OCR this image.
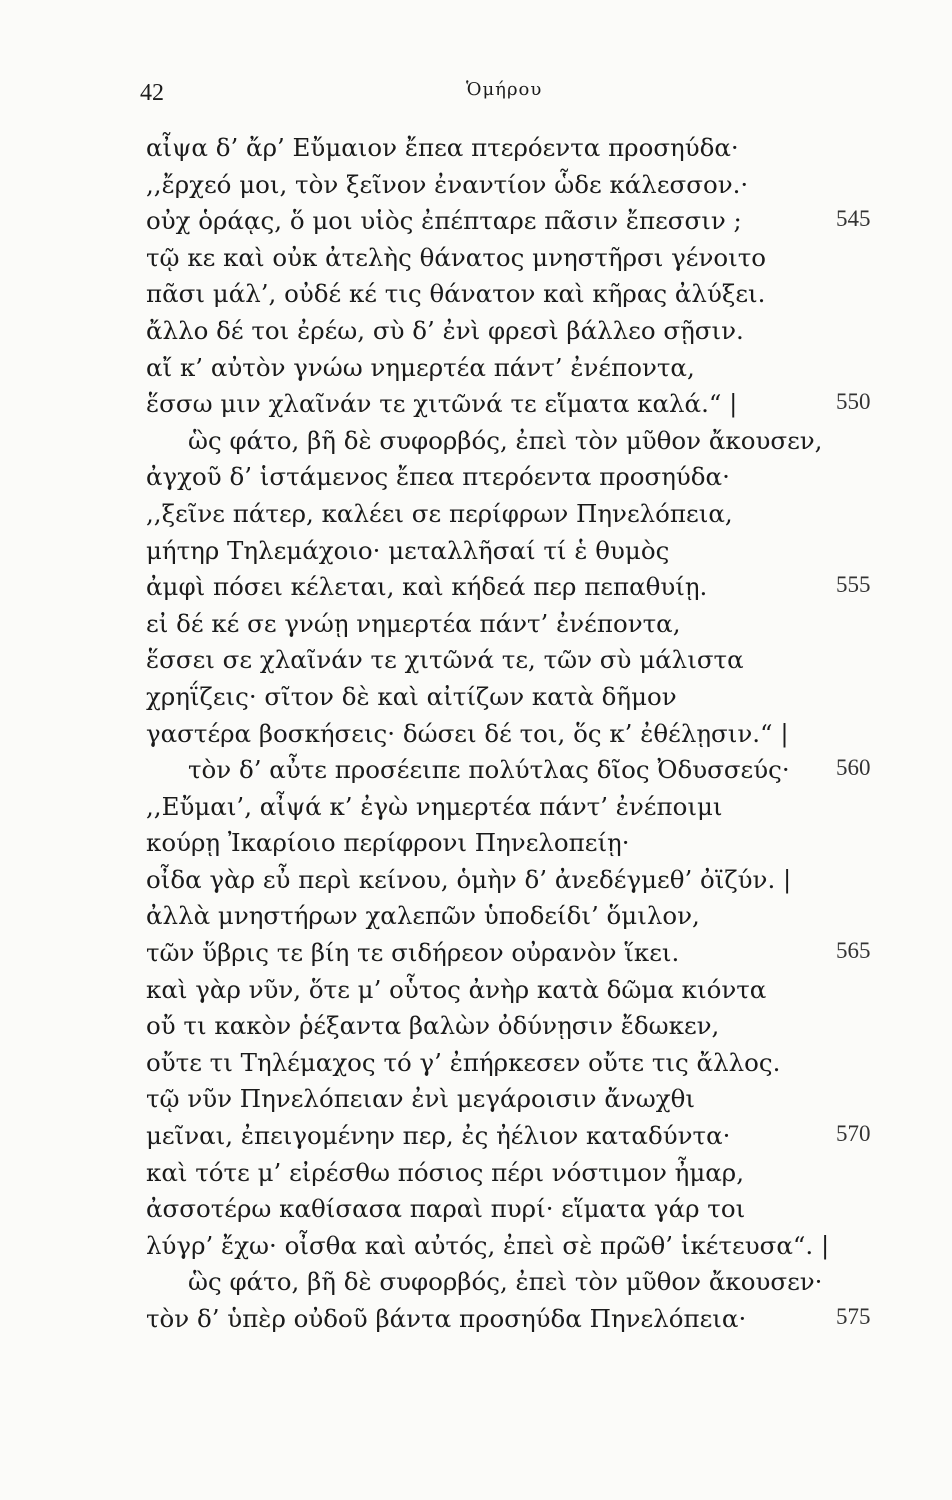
42	Ὁμήρου
αἶψα δ’ ἄρ’ Εὔμαιον ἔπεα πτερόεντα προσηύδα·
,,ἔρχεό μοι, τὸν ξεῖνον ἐναντίον ὧδε κάλεσσον.·
οὐχ ὁράᾳς, ὅ μοι υἱὸς ἐπέπταρε πᾶσιν ἔπεσσιν ;	545
τῷ κε καὶ οὐκ ἀτελὴς θάνατος μνηστῆρσι γένοιτο
πᾶσι μάλ’, οὐδέ κέ τις θάνατον καὶ κῆρας ἀλύξει.
ἄλλο δέ τοι ἐρέω, σὺ δ’ ἐνὶ φρεσὶ βάλλεο σῇσιν.
αἴ κ’ αὐτὸν γνώω νημερτέα πάντ’ ἐνέποντα,
ἕσσω μιν χλαῖνάν τε χιτῶνά τε εἵματα καλά.“ |	550
ὣς φάτο, βῆ δὲ συφορβός, ἐπεὶ τὸν μῦθον ἄκουσεν,
ἀγχοῦ δ’ ἱστάμενος ἔπεα πτερόεντα προσηύδα·
,,ξεῖνε πάτερ, καλέει σε περίφρων Πηνελόπεια,
μήτηρ Τηλεμάχοιο· μεταλλῆσαί τί ἑ θυμὸς
ἀμφὶ πόσει κέλεται, καὶ κήδεά περ πεπαθυίῃ.	555
εἰ δέ κέ σε γνώῃ νημερτέα πάντ’ ἐνέποντα,
ἕσσει σε χλαῖνάν τε χιτῶνά τε, τῶν σὺ μάλιστα
χρηΐζεις· σῖτον δὲ καὶ αἰτίζων κατὰ δῆμον
γαστέρα βοσκήσεις· δώσει δέ τοι, ὅς κ’ ἐθέλῃσιν.“ |
τὸν δ’ αὖτε προσέειπε πολύτλας δῖος Ὀδυσσεύς· 560
,,Εὔμαι’, αἶψά κ’ ἐγὼ νημερτέα πάντ’ ἐνέποιμι
κούρῃ Ἰκαρίοιο περίφρονι Πηνελοπείῃ·
οἶδα γὰρ εὖ περὶ κείνου, ὁμὴν δ’ ἀνεδέγμεθ’ ὀϊζύν. |
ἀλλὰ μνηστήρων χαλεπῶν ὑποδείδι’ ὅμιλον,
τῶν ὕβρις τε βίη τε σιδήρεον οὐρανὸν ἵκει.	565
καὶ γὰρ νῦν, ὅτε μ’ οὗτος ἀνὴρ κατὰ δῶμα κιόντα
οὔ τι κακὸν ῥέξαντα βαλὼν ὀδύνῃσιν ἔδωκεν,
οὔτε τι Τηλέμαχος τό γ’ ἐπήρκεσεν οὔτε τις ἄλλος.
τῷ νῦν Πηνελόπειαν ἐνὶ μεγάροισιν ἄνωχθι
μεῖναι, ἐπειγομένην περ, ἐς ἠέλιον καταδύντα·	570
καὶ τότε μ’ εἰρέσθω πόσιος πέρι νόστιμον ἦμαρ,
ἀσσοτέρω καθίσασα παραὶ πυρί· εἵματα γάρ τοι
λύγρ’ ἔχω· οἶσθα καὶ αὐτός, ἐπεὶ σὲ πρῶθ’ ἱκέτευσα“. |
ὣς φάτο, βῆ δὲ συφορβός, ἐπεὶ τὸν μῦθον ἄκουσεν·
τὸν δ’ ὑπὲρ οὐδοῦ βάντα προσηύδα Πηνελόπεια·	575
